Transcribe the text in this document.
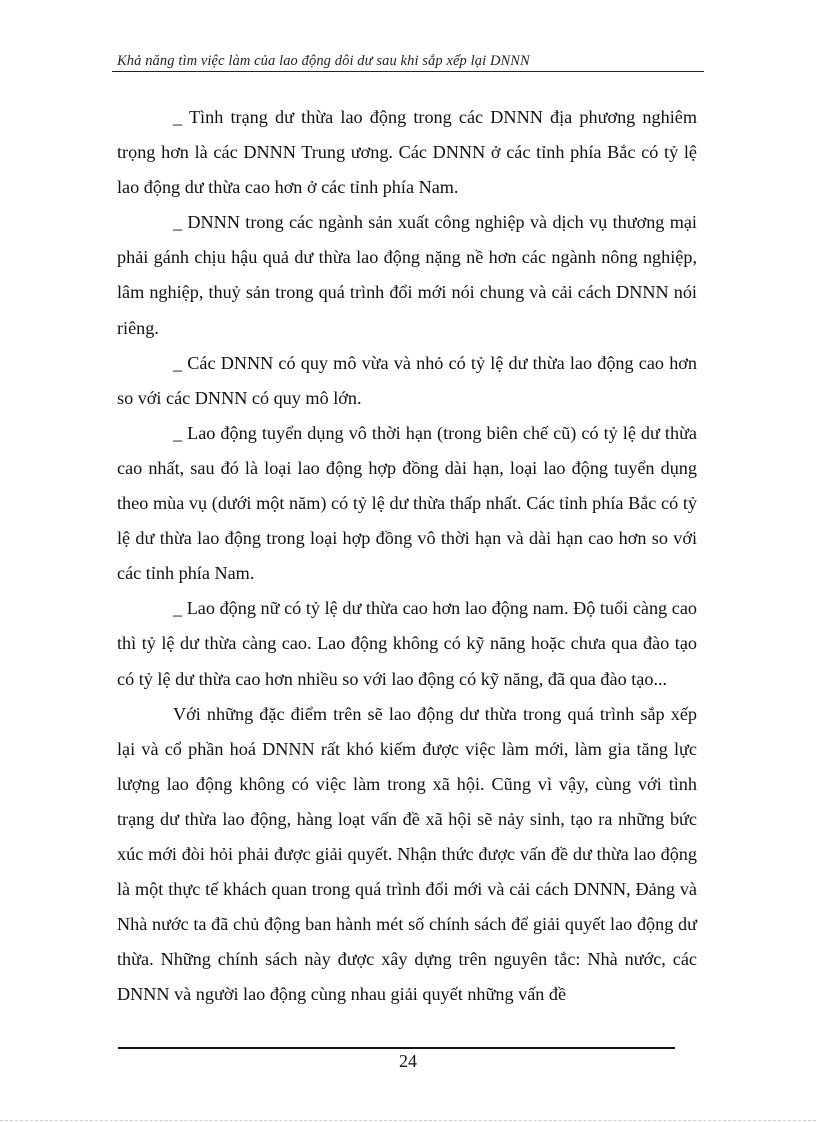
Khả năng tìm việc làm của lao động dôi dư sau khi sắp xếp lại DNNN

_ Tình trạng dư thừa lao động trong các DNNN địa phương nghiêm trọng hơn là các DNNN Trung ương. Các DNNN ở các tỉnh phía Bắc có tỷ lệ lao động dư thừa cao hơn ở các tỉnh phía Nam.

_ DNNN trong các ngành sản xuất công nghiệp và dịch vụ thương mại phải gánh chịu hậu quả dư thừa lao động nặng nề hơn các ngành nông nghiệp, lâm nghiệp, thuỷ sản trong quá trình đổi mới nói chung và cải cách DNNN nói riêng.

_ Các DNNN có quy mô vừa và nhỏ có tỷ lệ dư thừa lao động cao hơn so với các DNNN có quy mô lớn.

_ Lao động tuyển dụng vô thời hạn (trong biên chế cũ) có tỷ lệ dư thừa cao nhất, sau đó là loại lao động hợp đồng dài hạn, loại lao động tuyển dụng theo mùa vụ (dưới một năm) có tỷ lệ dư thừa thấp nhất. Các tỉnh phía Bắc có tỷ lệ dư thừa lao động trong loại hợp đồng vô thời hạn và dài hạn cao hơn so với các tỉnh phía Nam.

_ Lao động nữ có tỷ lệ dư thừa cao hơn lao động nam. Độ tuổi càng cao thì tỷ lệ dư thừa càng cao. Lao động không có kỹ năng hoặc chưa qua đào tạo có tỷ lệ dư thừa cao hơn nhiều so với lao động có kỹ năng, đã qua đào tạo...

Với những đặc điểm trên sẽ lao động dư thừa trong quá trình sắp xếp lại và cổ phần hoá DNNN rất khó kiếm được việc làm mới, làm gia tăng lực lượng lao động không có việc làm trong xã hội. Cũng vì vậy, cùng với tình trạng dư thừa lao động, hàng loạt vấn đề xã hội sẽ nảy sinh, tạo ra những bức xúc mới đòi hỏi phải được giải quyết. Nhận thức được vấn đề dư thừa lao động là một thực tế khách quan trong quá trình đổi mới và cải cách DNNN, Đảng và Nhà nước ta đã chủ động ban hành mét số chính sách để giải quyết lao động dư thừa. Những chính sách này được xây dựng trên nguyên tắc: Nhà nước, các DNNN và người lao động cùng nhau giải quyết những vấn đề

24
